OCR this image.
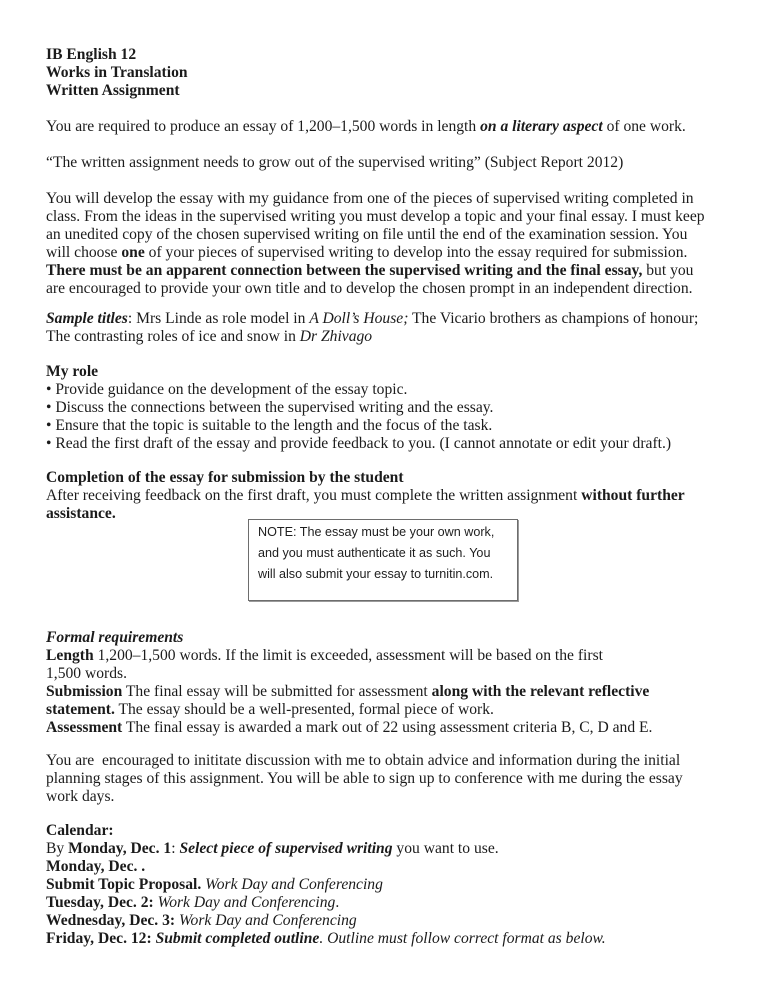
IB English 12
Works in Translation
Written Assignment
You are required to produce an essay of 1,200–1,500 words in length on a literary aspect of one work.
“The written assignment needs to grow out of the supervised writing” (Subject Report 2012)
You will develop the essay with my guidance from one of the pieces of supervised writing completed in
class. From the ideas in the supervised writing you must develop a topic and your final essay. I must keep
an unedited copy of the chosen supervised writing on file until the end of the examination session. You
will choose one of your pieces of supervised writing to develop into the essay required for submission.
There must be an apparent connection between the supervised writing and the final essay, but you
are encouraged to provide your own title and to develop the chosen prompt in an independent direction.
Sample titles: Mrs Linde as role model in A Doll’s House; The Vicario brothers as champions of honour;
The contrasting roles of ice and snow in Dr Zhivago
My role
• Provide guidance on the development of the essay topic.
• Discuss the connections between the supervised writing and the essay.
• Ensure that the topic is suitable to the length and the focus of the task.
• Read the first draft of the essay and provide feedback to you. (I cannot annotate or edit your draft.)
Completion of the essay for submission by the student
After receiving feedback on the first draft, you must complete the written assignment without further
assistance.
Formal requirements
Length 1,200–1,500 words. If the limit is exceeded, assessment will be based on the first
1,500 words.
Submission The final essay will be submitted for assessment along with the relevant reflective
statement. The essay should be a well-presented, formal piece of work.
Assessment The final essay is awarded a mark out of 22 using assessment criteria B, C, D and E.
You are  encouraged to inititate discussion with me to obtain advice and information during the initial
planning stages of this assignment. You will be able to sign up to conference with me during the essay
work days.
Calendar:
By Monday, Dec. 1: Select piece of supervised writing you want to use.
Monday, Dec. .
Submit Topic Proposal. Work Day and Conferencing
Tuesday, Dec. 2: Work Day and Conferencing.
Wednesday, Dec. 3: Work Day and Conferencing
Friday, Dec. 12: Submit completed outline. Outline must follow correct format as below.
NOTE: The essay must be your own work,
and you must authenticate it as such. You
will also submit your essay to turnitin.com.
